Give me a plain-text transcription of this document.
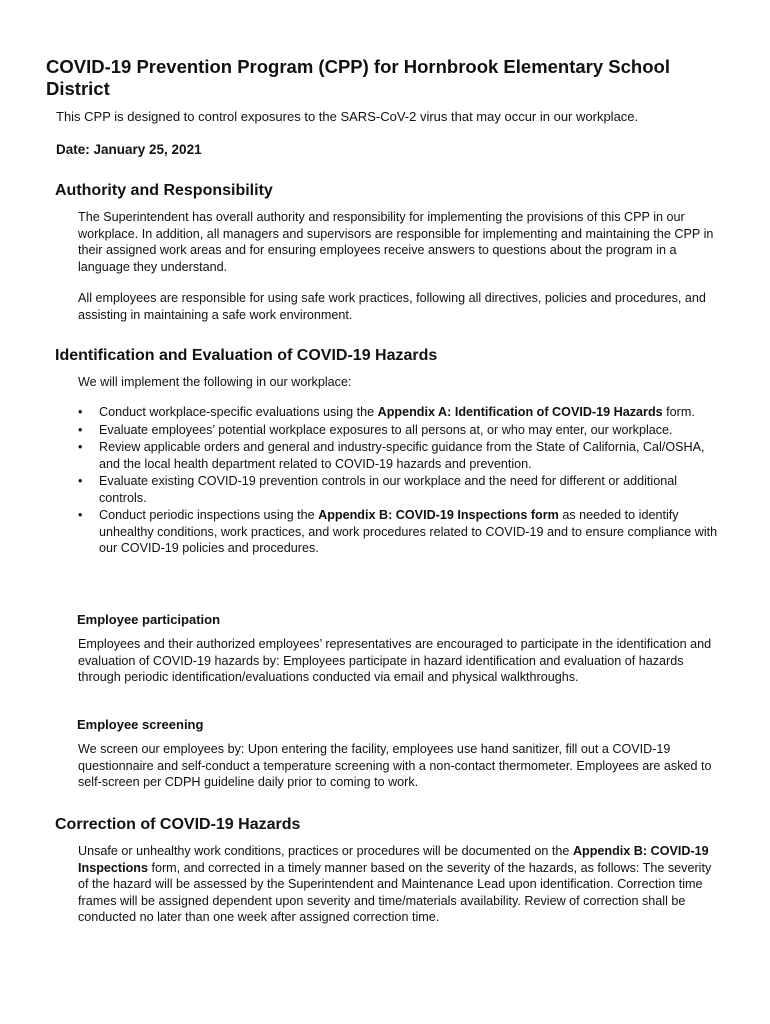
COVID-19 Prevention Program (CPP) for Hornbrook Elementary School District

This CPP is designed to control exposures to the SARS-CoV-2 virus that may occur in our workplace.

Date: January 25, 2021

Authority and Responsibility

The Superintendent has overall authority and responsibility for implementing the provisions of this CPP in our workplace. In addition, all managers and supervisors are responsible for implementing and maintaining the CPP in their assigned work areas and for ensuring employees receive answers to questions about the program in a language they understand.

All employees are responsible for using safe work practices, following all directives, policies and procedures, and assisting in maintaining a safe work environment.

Identification and Evaluation of COVID-19 Hazards

We will implement the following in our workplace:

• Conduct workplace-specific evaluations using the Appendix A: Identification of COVID-19 Hazards form.
• Evaluate employees’ potential workplace exposures to all persons at, or who may enter, our workplace.
• Review applicable orders and general and industry-specific guidance from the State of California, Cal/OSHA, and the local health department related to COVID-19 hazards and prevention.
• Evaluate existing COVID-19 prevention controls in our workplace and the need for different or additional controls.
• Conduct periodic inspections using the Appendix B: COVID-19 Inspections form as needed to identify unhealthy conditions, work practices, and work procedures related to COVID-19 and to ensure compliance with our COVID-19 policies and procedures.
Employee participation

Employees and their authorized employees’ representatives are encouraged to participate in the identification and evaluation of COVID-19 hazards by: Employees participate in hazard identification and evaluation of hazards through periodic identification/evaluations conducted via email and physical walkthroughs.

Employee screening

We screen our employees by: Upon entering the facility, employees use hand sanitizer, fill out a COVID-19 questionnaire and self-conduct a temperature screening with a non-contact thermometer. Employees are asked to self-screen per CDPH guideline daily prior to coming to work.

Correction of COVID-19 Hazards

Unsafe or unhealthy work conditions, practices or procedures will be documented on the Appendix B: COVID-19 Inspections form, and corrected in a timely manner based on the severity of the hazards, as follows: The severity of the hazard will be assessed by the Superintendent and Maintenance Lead upon identification. Correction time frames will be assigned dependent upon severity and time/materials availability. Review of correction shall be conducted no later than one week after assigned correction time.
